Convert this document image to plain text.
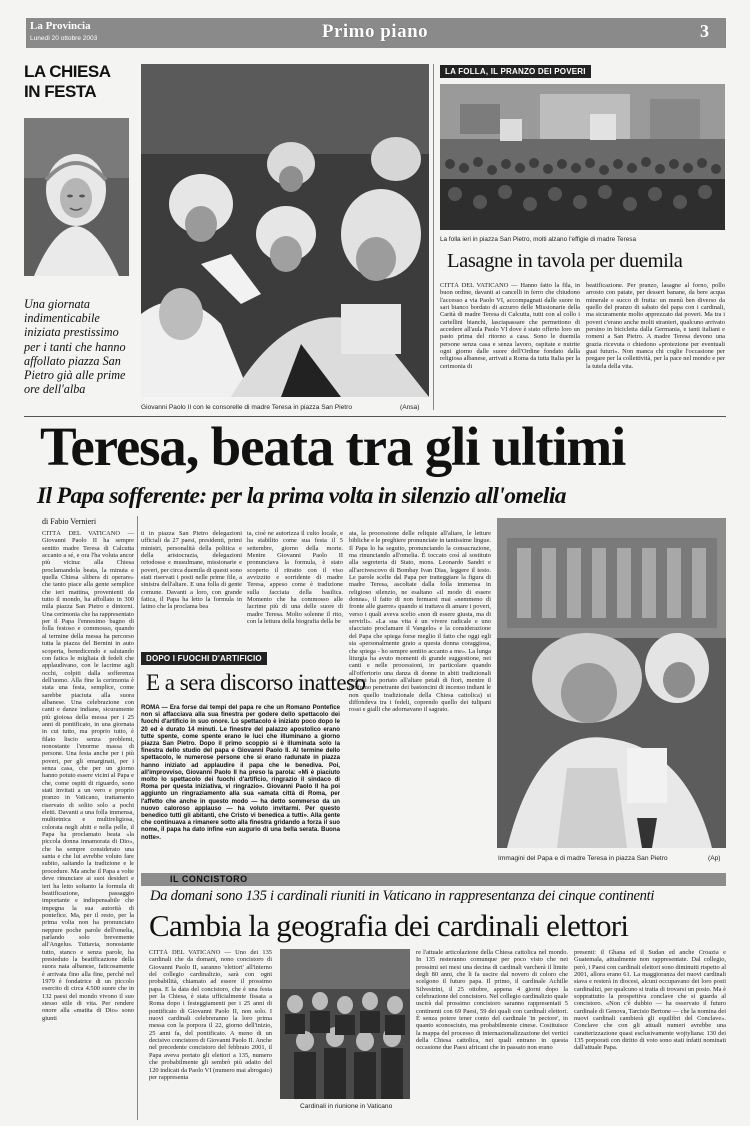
La Provincia
Lunedì 20 ottobre 2003	Primo piano	3
LA CHIESA
IN FESTA
Una giornata indimenticabile iniziata prestissimo per i tanti che hanno affollato piazza San Pietro già alle prime ore dell'alba
Giovanni Paolo II con le consorelle di madre Teresa in piazza San Pietro	(Ansa)
LA FOLLA, IL PRANZO DEI POVERI
La folla ieri in piazza San Pietro, molti alzano l'effigie di madre Teresa
Lasagne in tavola per duemila
CITTÀ DEL VATICANO — Hanno fatto la fila, in buon ordine, davanti ai cancelli in ferro che chiudono l'accesso a via Paolo VI, accompagnati dalle suore in sari bianco bordato di azzurro delle Missionarie della Carità di madre Teresa di Calcutta, tutti con al collo i cartellini bianchi, lasciapassare che permettono di accedere all'aula Paolo VI dove è stato offerto loro un pasto prima del ritorno a casa. Sono le duemila persone senza casa e senza lavoro, ospitate e nutrite ogni giorno dalle suore dell'Ordine fondato dalla religiosa albanese, arrivati a Roma da tutta Italia per la cerimonia di
beatificazione. Per pranzo, lasagne al forno, pollo arrosto con patate, per dessert banane, da bere acqua minerale e succo di frutta: un menù ben diverso da quello del pranzo di sabato del papa con i cardinali, ma sicuramente molto apprezzato dai poveri. Ma tra i poveri c'erano anche molti stranieri, qualcuno arrivato persino in bicicletta dalla Germania, e tanti italiani e romeni a San Pietro. A madre Teresa devono una grazia ricevuta o chiedono «protezione per eventuali guai futuri». Non manca chi coglie l'occasione per pregare per la collettività, per la pace nel mondo e per la tutela della vita.
Teresa, beata tra gli ultimi
Il Papa sofferente: per la prima volta in silenzio all'omelia
di Fabio Vernieri
CITTÀ DEL VATICANO — Giovanni Paolo II ha sempre sentito madre Teresa di Calcutta accanto a sé, e ora l'ha voluta ancor più vicina: alla Chiesa proclamandola beata, la minuta e quella Chiesa «libera di operare» che tanto piace alla gente semplice che ieri mattina, provenienti da tutto il mondo, ha affollato in 300 mila piazza San Pietro e dintorni. Una cerimonia che ha rappresentato per il Papa l'ennesimo bagno di folla festoso e commosso, quando al termine della messa ha percorso tutta la piazza del Bernini in auto scoperta, benedicendo e salutando con fatica le migliaia di fedeli che applaudivano, con le lacrime agli occhi, colpiti dalla sofferenza dell'uomo. Alla fine la cerimonia è stata una festa, semplice, come sarebbe piaciuta alla suora albanese. Una celebrazione con canti e danze indiane, sicuramente più gioiosa della messa per i 25 anni di pontificato, in una giornata in cui tutto, ma proprio tutto, è filato liscio senza problemi, nonostante l'enorme massa di persone. Una festa anche per i più poveri, per gli emarginati, per i senza casa, che per un giorno hanno potuto essere vicini al Papa e che, come ospiti di riguardo, sono stati invitati a un vero e proprio pranzo in Vaticano, trattamento riservato di solito solo a pochi eletti. Davanti a una folla immensa, multietnica e multireligiosa, colorata negli abiti e nella pelle, il Papa ha proclamato beata «la piccola donna innamorata di Dio», che ha sempre considerato una santa e che lui avrebbe voluto fare subito, saltando la tradizione e le procedure. Ma anche il Papa a volte deve rinunciare ai suoi desideri e ieri ha letto soltanto la formula di beatificazione, passaggio importante e indispensabile che impegna la sua autorità di pontefice. Ma, per il resto, per la prima volta non ha pronunciato neppure poche parole dell'omelia, parlando solo brevemente all'Angelus. Tuttavia, nonostante tutto, stanco e senza parole, ha presieduto la beatificazione della suora nata albanese, faticosamente è arrivata fino alla fine, perché nel 1979 è fondatrice di un piccolo esercito di circa 4.500 suore che in 132 paesi del mondo vivono il suo stesso stile di vita. Per rendere onore alla «matita di Dio» sono giunti
ti in piazza San Pietro delegazioni ufficiali da 27 paesi, presidenti, primi ministri, personalità della politica e della aristocrazia, delegazioni ortodosse e musulmane, missionarie e poveri, per circa duemila di questi sono stati riservati i posti nelle prime file, a sinistra dell'altare. E una folla di gente comune. Davanti a loro, con grande fatica, il Papa ha letto la formula in latino che la proclama bea
ta, cioè ne autorizza il culto locale, e ha stabilito come sua festa il 5 settembre, giorno della morte. Mentre Giovanni Paolo II pronunciava la formula, è stato scoperto il ritratto con il viso avvizzito e sorridente di madre Teresa, appeso come è tradizione sulla facciata della basilica. Momento che ha commosso alle lacrime più di una delle suore di madre Teresa. Molto solenne il rito, con la lettura della biografia della be
ata, la processione delle reliquie all'altare, le letture bibliche e le preghiere pronunciate in tantissime lingue. Il Papa lo ha seguito, pronunciando la consacrazione, ma rinunciando all'omelia. È toccato così al sostituto alla segreteria di Stato, mons. Leonardo Sandri e all'arcivescovo di Bombay Ivan Dias, leggere il testo. Le parole scelte dal Papa per tratteggiare la figura di madre Teresa, ascoltate dalla folla immensa in religioso silenzio, ne esaltano «il modo di essere donna», il fatto di non fermarsi mai «nemmeno di fronte alle guerre» quando si trattava di amare i poveri, verso i quali aveva scelto «non di essere giusta, ma di servirli». «La sua vita è un vivere radicale e uno sfacciato proclamare il Vangelo» e la considerazione del Papa che spiega forse meglio il fatto che oggi egli sia «personalmente grato a questa donna coraggiosa, che spiega - ho sempre sentito accanto a me». La lunga liturgia ha avuto momenti di grande suggestione, nei canti e nelle processioni, in particolare quando all'offertorio una danza di donne in abiti tradizionali indiani ha portato all'altare petali di fiori, mentre il profumo penetrante dei bastoncini di incenso indiani le non quello tradizionale della Chiesa cattolica) si diffondeva tra i fedeli, coprendo quello dei tulipani rossi e gialli che adornavano il sagrato.
DOPO I FUOCHI D'ARTIFICIO
E a sera discorso inatteso
ROMA — Era forse dai tempi del papa re che un Romano Pontefice non si affacciava alla sua finestra per godere dello spettacolo dei fuochi d'artificio in suo onore. Lo spettacolo è iniziato poco dopo le 20 ed è durato 14 minuti. Le finestre del palazzo apostolico erano tutte spente, come spente erano le luci che illuminano a giorno piazza San Pietro. Dopo il primo scoppio si è illuminata solo la finestra dello studio del papa e Giovanni Paolo II. Al termine dello spettacolo, le numerose persone che si erano radunate in piazza hanno iniziato ad applaudire il papa che le benediva. Poi, all'improvviso, Giovanni Paolo II ha preso la parola: «Mi è piaciuto molto lo spettacolo dei fuochi d'artificio, ringrazio il sindaco di Roma per questa iniziativa, vi ringrazio». Giovanni Paolo II ha poi aggiunto un ringraziamento alla sua «amata città di Roma, per l'affetto che anche in questo modo — ha detto sommerso da un nuovo caloroso applauso — ha voluto invitarmi. Per questo benedico tutti gli abitanti, che Cristo vi benedica a tutti». Alla gente che continuava a rimanere sotto alla finestra gridando a forza il suo nome, il papa ha dato infine «un augurio di una bella serata. Buona notte».
Immagini del Papa e di madre Teresa in piazza San Pietro	(Ap)
IL CONCISTORO
Da domani sono 135 i cardinali riuniti in Vaticano in rappresentanza dei cinque continenti
Cambia la geografia dei cardinali elettori
CITTÀ DEL VATICANO — Uno dei 135 cardinali che da domani, nono concistoro di Giovanni Paolo II, saranno 'elettori' all'interno del collegio cardinalizio, sarà con ogni probabilità, chiamato ad essere il prossimo papa. E la data del concistoro, che è una festa per la Chiesa, è stata ufficialmente fissata a Roma dopo i festeggiamenti per i 25 anni di pontificato di Giovanni Paolo II, non solo. I nuovi cardinali celebreranno la loro prima messa con la porpora il 22, giorno dell'inizio, 25 anni fa, del pontificato. A meno di un decisivo concistoro di Giovanni Paolo II. Anche nel precedente concistoro del febbraio 2001, il Papa aveva portato gli elettori a 135, numero che probabilmente gli sembrò più adatto del 120 indicati da Paolo VI (numero mai abrogato) per rappresenta
Cardinali in riunione in Vaticano
re l'attuale articolazione della Chiesa cattolica nel mondo. In 135 resteranno comunque per poco visto che nei prossimi sei mesi una decina di cardinali varcherà il limite degli 80 anni, che li fa uscire dal novero di coloro che scelgono il futuro papa. Il primo, il cardinale Achille Silvestrini, il 25 ottobre, appena 4 giorni dopo la celebrazione del concistoro. Nel collegio cardinalizio quale uscirà dal prossimo concistoro saranno rappresentati 5 continenti con 69 Paesi, 59 dei quali con cardinali elettori. È senza potere tener conto del cardinale 'in pectore', in quanto sconosciuto, ma probabilmente cinese. Costituisce la mappa del processo di internazionalizzazione dei vertici della Chiesa cattolica, nei quali entrano in questa occasione due Paesi africani che in passato non erano
presenti: il Ghana ed il Sudan ed anche Croazia e Guatemala, attualmente non rappresentate. Dal collegio, però, i Paesi con cardinali elettori sono diminuiti rispetto al 2001, allora erano 61. La maggioranza dei nuovi cardinali stava e resterà in diocesi, alcuni occupavano dei loro posti cardinalizi, per qualcuno si tratta di trovarsi un posto. Ma è sopprattutto la prospettiva conclave che si guarda al concistoro. «Non c'è dubbio — ha osservato il futuro cardinale di Genova, Tarcisio Bertone — che la nomina dei nuovi cardinali cambierà gli equilibri del Conclave». Conclave che con gli attuali numeri avrebbe una caratterizzazione quasi esclusivamente wojtyliana: 130 dei 135 porporati con diritto di voto sono stati infatti nominati dall'attuale Papa.
